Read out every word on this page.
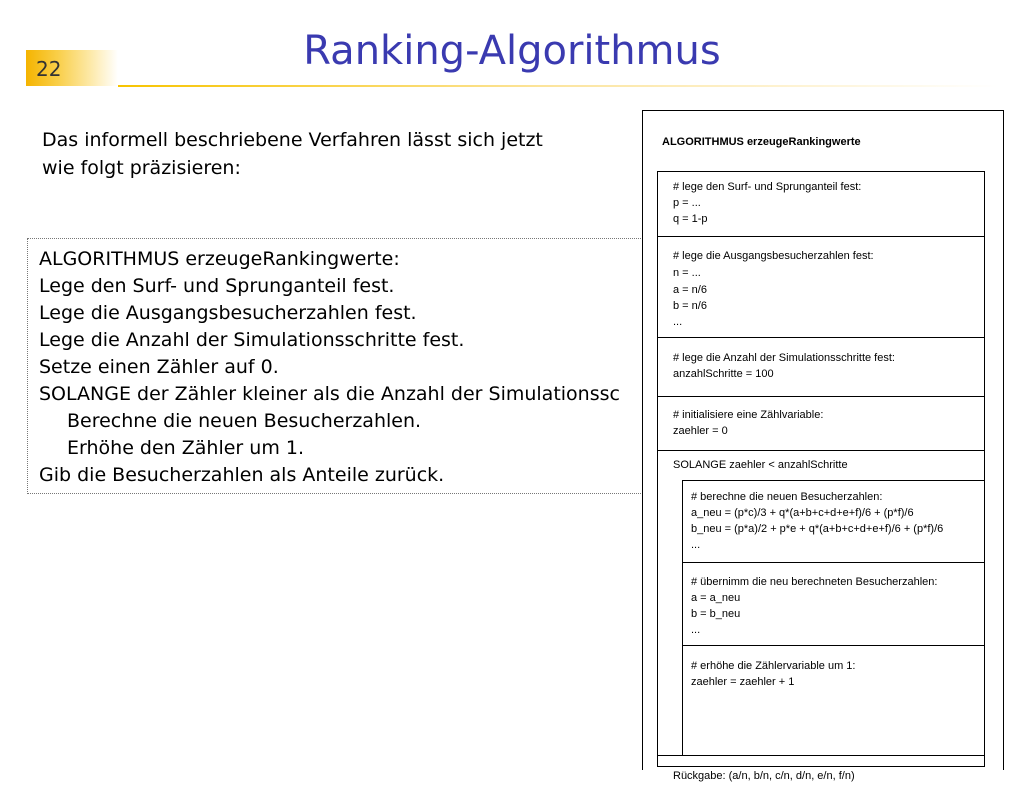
22	Ranking-Algorithmus
Das informell beschriebene Verfahren lässt sich jetzt
wie folgt präzisieren:
ALGORITHMUS erzeugeRankingwerte:
Lege den Surf- und Sprunganteil fest.
Lege die Ausgangsbesucherzahlen fest.
Lege die Anzahl der Simulationsschritte fest.
Setze einen Zähler auf 0.
SOLANGE der Zähler kleiner als die Anzahl der Simulationssc
Berechne die neuen Besucherzahlen.
Erhöhe den Zähler um 1.
Gib die Besucherzahlen als Anteile zurück.
ALGORITHMUS erzeugeRankingwerte
# lege den Surf- und Sprunganteil fest:
p = ...
q = 1-p
# lege die Ausgangsbesucherzahlen fest:
n = ...
a = n/6
b = n/6
...
# lege die Anzahl der Simulationsschritte fest:
anzahlSchritte = 100
# initialisiere eine Zählvariable:
zaehler = 0
SOLANGE zaehler < anzahlSchritte
# berechne die neuen Besucherzahlen:
a_neu = (p*c)/3 + q*(a+b+c+d+e+f)/6 + (p*f)/6
b_neu = (p*a)/2 + p*e + q*(a+b+c+d+e+f)/6 + (p*f)/6
...
# übernimm die neu berechneten Besucherzahlen:
a = a_neu
b = b_neu
...
# erhöhe die Zählervariable um 1:
zaehler = zaehler + 1
Rückgabe: (a/n, b/n, c/n, d/n, e/n, f/n)
